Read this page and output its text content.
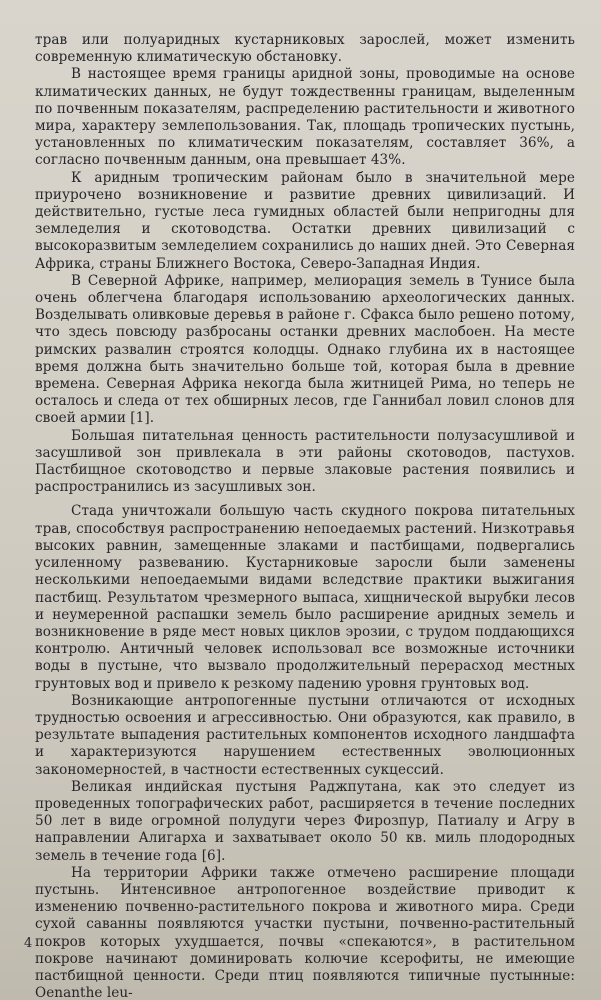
трав или полуаридных кустарниковых зарослей, может изменить современную климатическую обстановку.

В настоящее время границы аридной зоны, проводимые на основе климатических данных, не будут тождественны границам, выделенным по почвенным показателям, распределению растительности и животного мира, характеру землепользования. Так, площадь тропических пустынь, установленных по климатическим показателям, составляет 36%, а согласно почвенным данным, она превышает 43%.

К аридным тропическим районам было в значительной мере приурочено возникновение и развитие древних цивилизаций. И действительно, густые леса гумидных областей были непригодны для земледелия и скотоводства. Остатки древних цивилизаций с высокоразвитым земледелием сохранились до наших дней. Это Северная Африка, страны Ближнего Востока, Северо-Западная Индия.

В Северной Африке, например, мелиорация земель в Тунисе была очень облегчена благодаря использованию археологических данных. Возделывать оливковые деревья в районе г. Сфакса было решено потому, что здесь повсюду разбросаны останки древних маслобоен. На месте римских развалин строятся колодцы. Однако глубина их в настоящее время должна быть значительно больше той, которая была в древние времена. Северная Африка некогда была житницей Рима, но теперь не осталось и следа от тех обширных лесов, где Ганнибал ловил слонов для своей армии [1].

Большая питательная ценность растительности полузасушливой и засушливой зон привлекала в эти районы скотоводов, пастухов. Пастбищное скотоводство и первые злаковые растения появились и распространились из засушливых зон.

Стада уничтожали большую часть скудного покрова питательных трав, способствуя распространению непоедаемых растений. Низкотравья высоких равнин, замещенные злаками и пастбищами, подвергались усиленному развеванию. Кустарниковые заросли были заменены несколькими непоедаемыми видами вследствие практики выжигания пастбищ. Результатом чрезмерного выпаса, хищнической вырубки лесов и неумеренной распашки земель было расширение аридных земель и возникновение в ряде мест новых циклов эрозии, с трудом поддающихся контролю. Античный человек использовал все возможные источники воды в пустыне, что вызвало продолжительный перерасход местных грунтовых вод и привело к резкому падению уровня грунтовых вод.

Возникающие антропогенные пустыни отличаются от исходных трудностью освоения и агрессивностью. Они образуются, как правило, в результате выпадения растительных компонентов исходного ландшафта и характеризуются нарушением естественных эволюционных закономерностей, в частности естественных сукцессий.

Великая индийская пустыня Раджпутана, как это следует из проведенных топографических работ, расширяется в течение последних 50 лет в виде огромной полудуги через Фирозпур, Патиалу и Агру в направлении Алигарха и захватывает около 50 кв. миль плодородных земель в течение года [6].

На территории Африки также отмечено расширение площади пустынь. Интенсивное антропогенное воздействие приводит к изменению почвенно-растительного покрова и животного мира. Среди сухой саванны появляются участки пустыни, почвенно-растительный покров которых ухудшается, почвы «спекаются», в растительном покрове начинают доминировать колючие ксерофиты, не имеющие пастбищной ценности. Среди птиц появляются типичные пустынные: Oenanthe leu-

4
